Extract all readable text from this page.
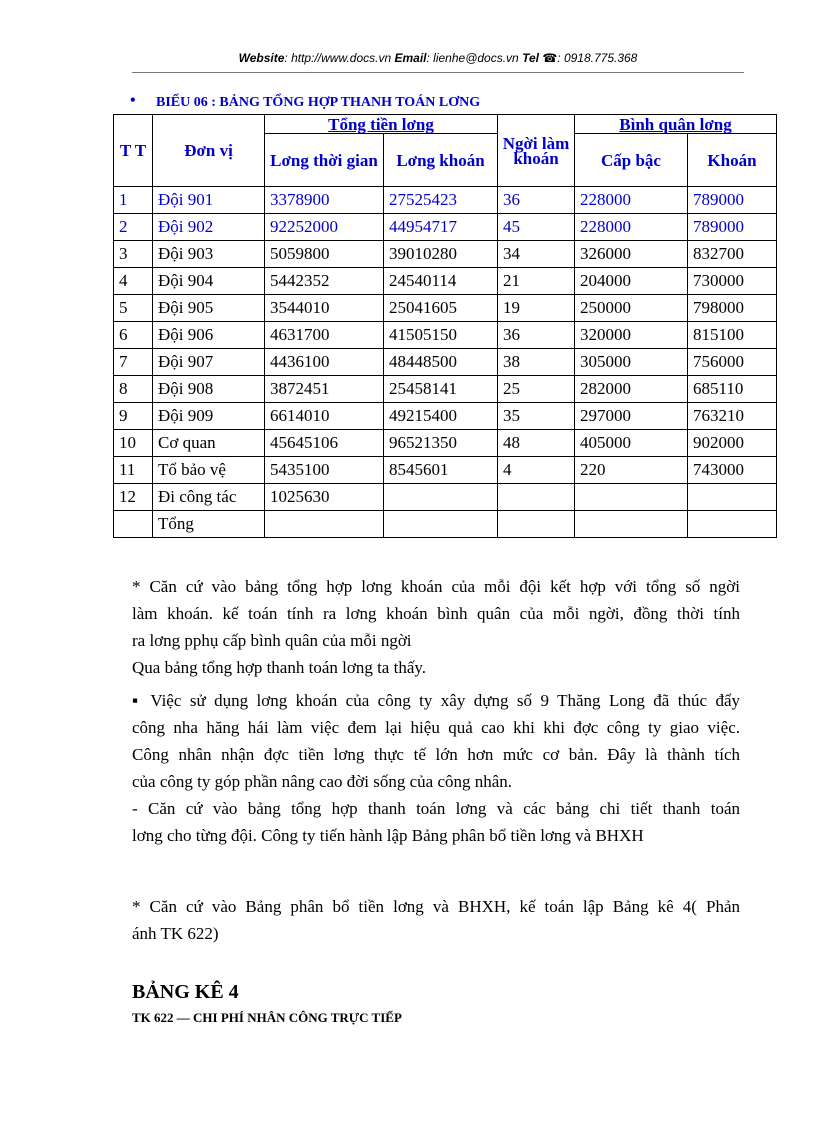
Website: http://www.docs.vn Email: lienhe@docs.vn Tel ☎: 0918.775.368
• BIỂU 06 : BẢNG TỔNG HỢP THANH TOÁN LƠNG
T T	Đơn vị	Tổng tiền lơng		Ngời làm khoán	Bình quân lơng	
		Lơng thời gian	Lơng khoán		Cấp bậc	Khoán
1	Đội 901	3378900	27525423	36	228000	789000
2	Đội 902	92252000	44954717	45	228000	789000
3	Đội 903	5059800	39010280	34	326000	832700
4	Đội 904	5442352	24540114	21	204000	730000
5	Đội 905	3544010	25041605	19	250000	798000
6	Đội 906	4631700	41505150	36	320000	815100
7	Đội 907	4436100	48448500	38	305000	756000
8	Đội 908	3872451	25458141	25	282000	685110
9	Đội 909	6614010	49215400	35	297000	763210
10	Cơ quan	45645106	96521350	48	405000	902000
11	Tổ bảo vệ	5435100	8545601	4	220	743000
12	Đi công tác	1025630				
	Tổng					
* Căn cứ vào bảng tổng hợp lơng khoán của mỗi đội kết hợp với tổng số ngời
làm khoán. kế toán tính ra lơng khoán bình quân của mỗi ngời, đồng thời tính
ra lơng pphụ cấp bình quân của mỗi ngời
Qua bảng tổng hợp thanh toán lơng ta thấy.
▪ Việc sử dụng lơng khoán của công ty xây dựng số 9 Thăng Long đã thúc đẩy
công nha hăng hái làm việc đem lại hiệu quả cao khi khi đợc công ty giao việc.
Công nhân nhận đợc tiền lơng thực tế lớn hơn mức cơ bản. Đây là thành tích
của công ty góp phần nâng cao đời sống của công nhân.
- Căn cứ vào bảng tổng hợp thanh toán lơng và các bảng chi tiết thanh toán
lơng cho từng đội. Công ty tiến hành lập Bảng phân bổ tiền lơng và BHXH
* Căn cứ vào Bảng phân bổ tiền lơng và BHXH, kế toán lập Bảng kê 4( Phản
ánh TK 622)
BẢNG KÊ 4
TK 622 — CHI PHÍ NHÂN CÔNG TRỰC TIẾP
